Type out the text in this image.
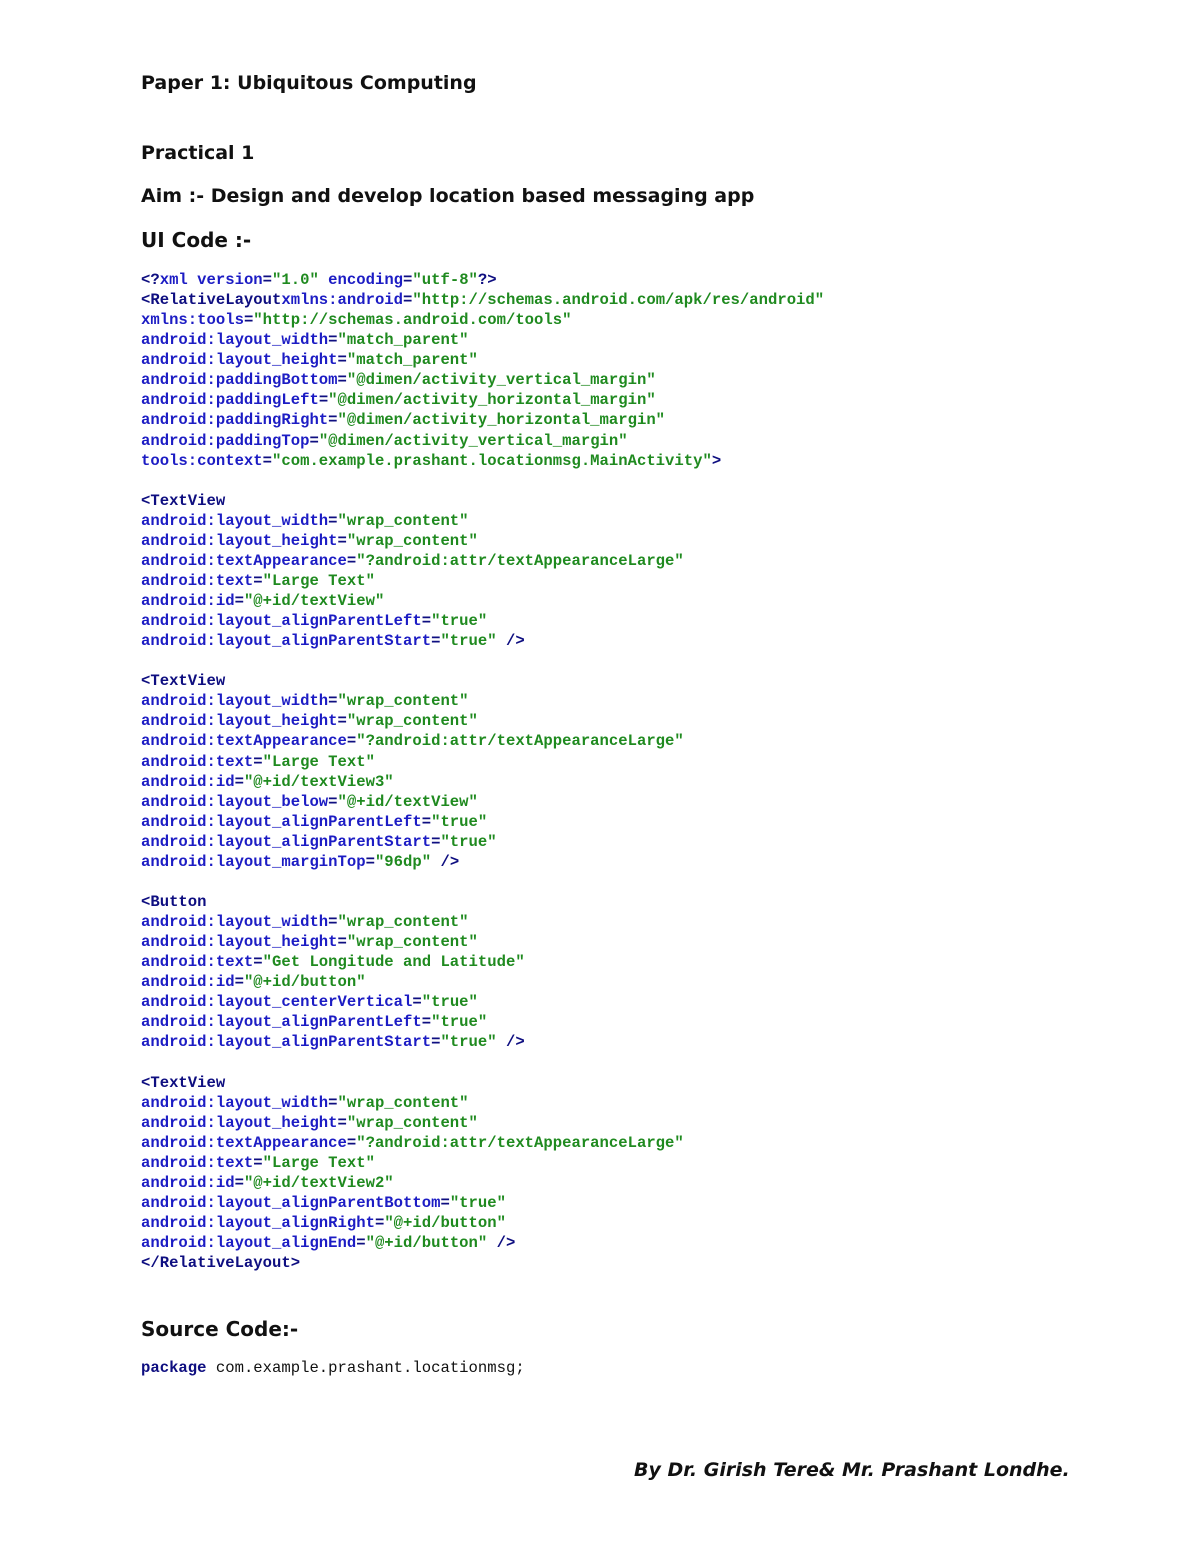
Paper 1: Ubiquitous Computing
Practical 1
Aim :- Design and develop location based messaging app
UI Code :-
<?xml version="1.0" encoding="utf-8"?>
<RelativeLayoutxmlns:android="http://schemas.android.com/apk/res/android"
xmlns:tools="http://schemas.android.com/tools"
android:layout_width="match_parent"
android:layout_height="match_parent"
android:paddingBottom="@dimen/activity_vertical_margin"
android:paddingLeft="@dimen/activity_horizontal_margin"
android:paddingRight="@dimen/activity_horizontal_margin"
android:paddingTop="@dimen/activity_vertical_margin"
tools:context="com.example.prashant.locationmsg.MainActivity">

<TextView
android:layout_width="wrap_content"
android:layout_height="wrap_content"
android:textAppearance="?android:attr/textAppearanceLarge"
android:text="Large Text"
android:id="@+id/textView"
android:layout_alignParentLeft="true"
android:layout_alignParentStart="true" />

<TextView
android:layout_width="wrap_content"
android:layout_height="wrap_content"
android:textAppearance="?android:attr/textAppearanceLarge"
android:text="Large Text"
android:id="@+id/textView3"
android:layout_below="@+id/textView"
android:layout_alignParentLeft="true"
android:layout_alignParentStart="true"
android:layout_marginTop="96dp" />

<Button
android:layout_width="wrap_content"
android:layout_height="wrap_content"
android:text="Get Longitude and Latitude"
android:id="@+id/button"
android:layout_centerVertical="true"
android:layout_alignParentLeft="true"
android:layout_alignParentStart="true" />

<TextView
android:layout_width="wrap_content"
android:layout_height="wrap_content"
android:textAppearance="?android:attr/textAppearanceLarge"
android:text="Large Text"
android:id="@+id/textView2"
android:layout_alignParentBottom="true"
android:layout_alignRight="@+id/button"
android:layout_alignEnd="@+id/button" />
</RelativeLayout>
Source Code:-
package com.example.prashant.locationmsg;

By Dr. Girish Tere& Mr. Prashant Londhe.
